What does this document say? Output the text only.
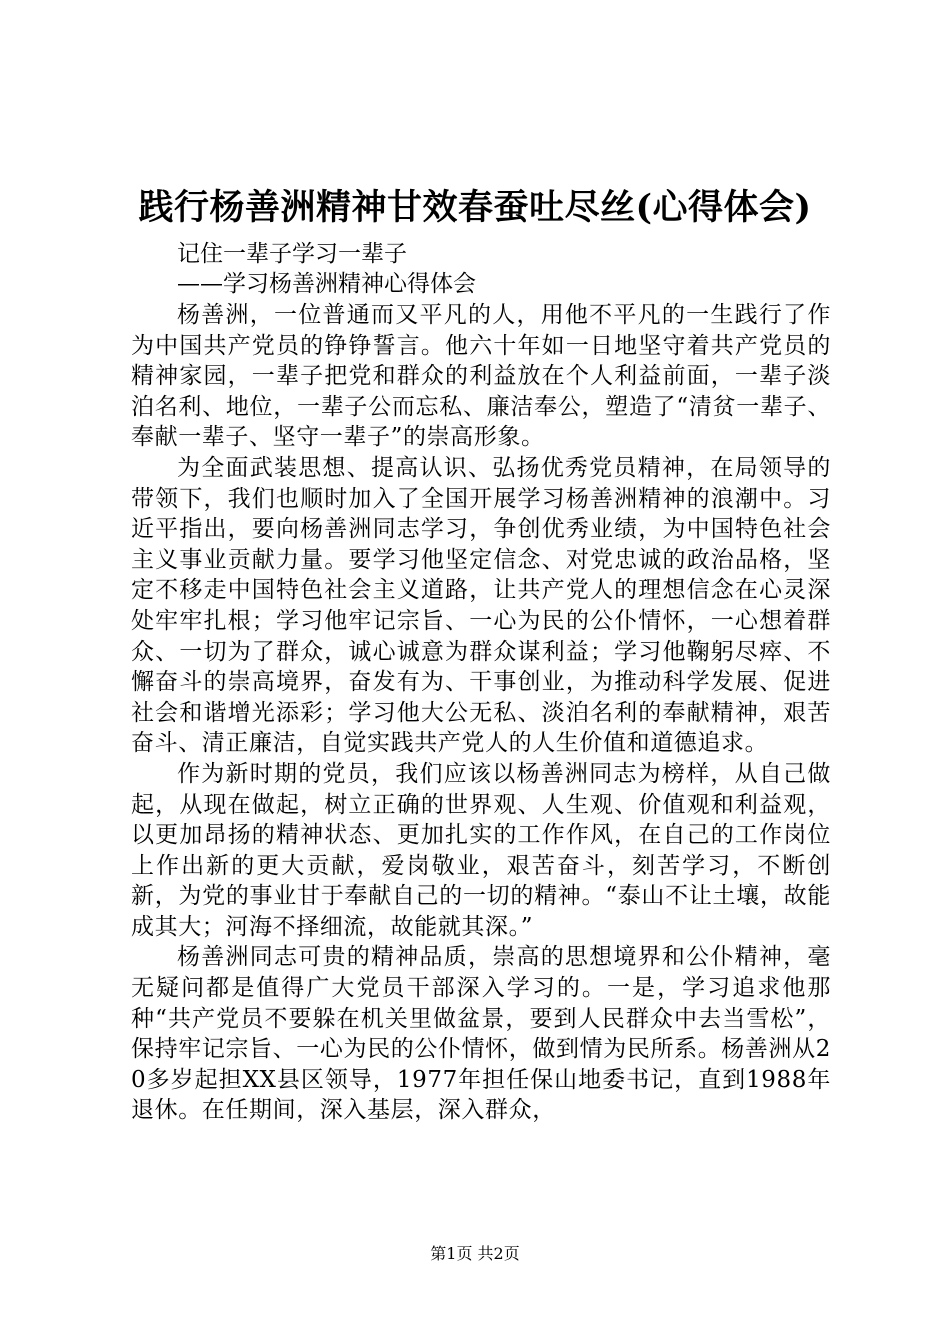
践行杨善洲精神甘效春蚕吐尽丝(心得体会)
记住一辈子学习一辈子
——学习杨善洲精神心得体会

杨善洲，一位普通而又平凡的人，用他不平凡的一生践行了作为中国共产党员的铮铮誓言。他六十年如一日地坚守着共产党员的精神家园，一辈子把党和群众的利益放在个人利益前面，一辈子淡泊名利、地位，一辈子公而忘私、廉洁奉公，塑造了“清贫一辈子、奉献一辈子、坚守一辈子”的崇高形象。

为全面武装思想、提高认识、弘扬优秀党员精神，在局领导的带领下，我们也顺时加入了全国开展学习杨善洲精神的浪潮中。习近平指出，要向杨善洲同志学习，争创优秀业绩，为中国特色社会主义事业贡献力量。要学习他坚定信念、对党忠诚的政治品格，坚定不移走中国特色社会主义道路，让共产党人的理想信念在心灵深处牢牢扎根；学习他牢记宗旨、一心为民的公仆情怀，一心想着群众、一切为了群众，诚心诚意为群众谋利益；学习他鞠躬尽瘁、不懈奋斗的崇高境界，奋发有为、干事创业，为推动科学发展、促进社会和谐增光添彩；学习他大公无私、淡泊名利的奉献精神，艰苦奋斗、清正廉洁，自觉实践共产党人的人生价值和道德追求。

作为新时期的党员，我们应该以杨善洲同志为榜样，从自己做起，从现在做起，树立正确的世界观、人生观、价值观和利益观，以更加昂扬的精神状态、更加扎实的工作作风，在自己的工作岗位上作出新的更大贡献，爱岗敬业，艰苦奋斗，刻苦学习，不断创新，为党的事业甘于奉献自己的一切的精神。“泰山不让土壤，故能成其大；河海不择细流，故能就其深。”

杨善洲同志可贵的精神品质，崇高的思想境界和公仆精神，毫无疑问都是值得广大党员干部深入学习的。一是，学习追求他那种“共产党员不要躲在机关里做盆景，要到人民群众中去当雪松”，保持牢记宗旨、一心为民的公仆情怀，做到情为民所系。杨善洲从20多岁起担XX县区领导，1977年担任保山地委书记，直到1988年退休。在任期间，深入基层，深入群众，

第1页 共2页
